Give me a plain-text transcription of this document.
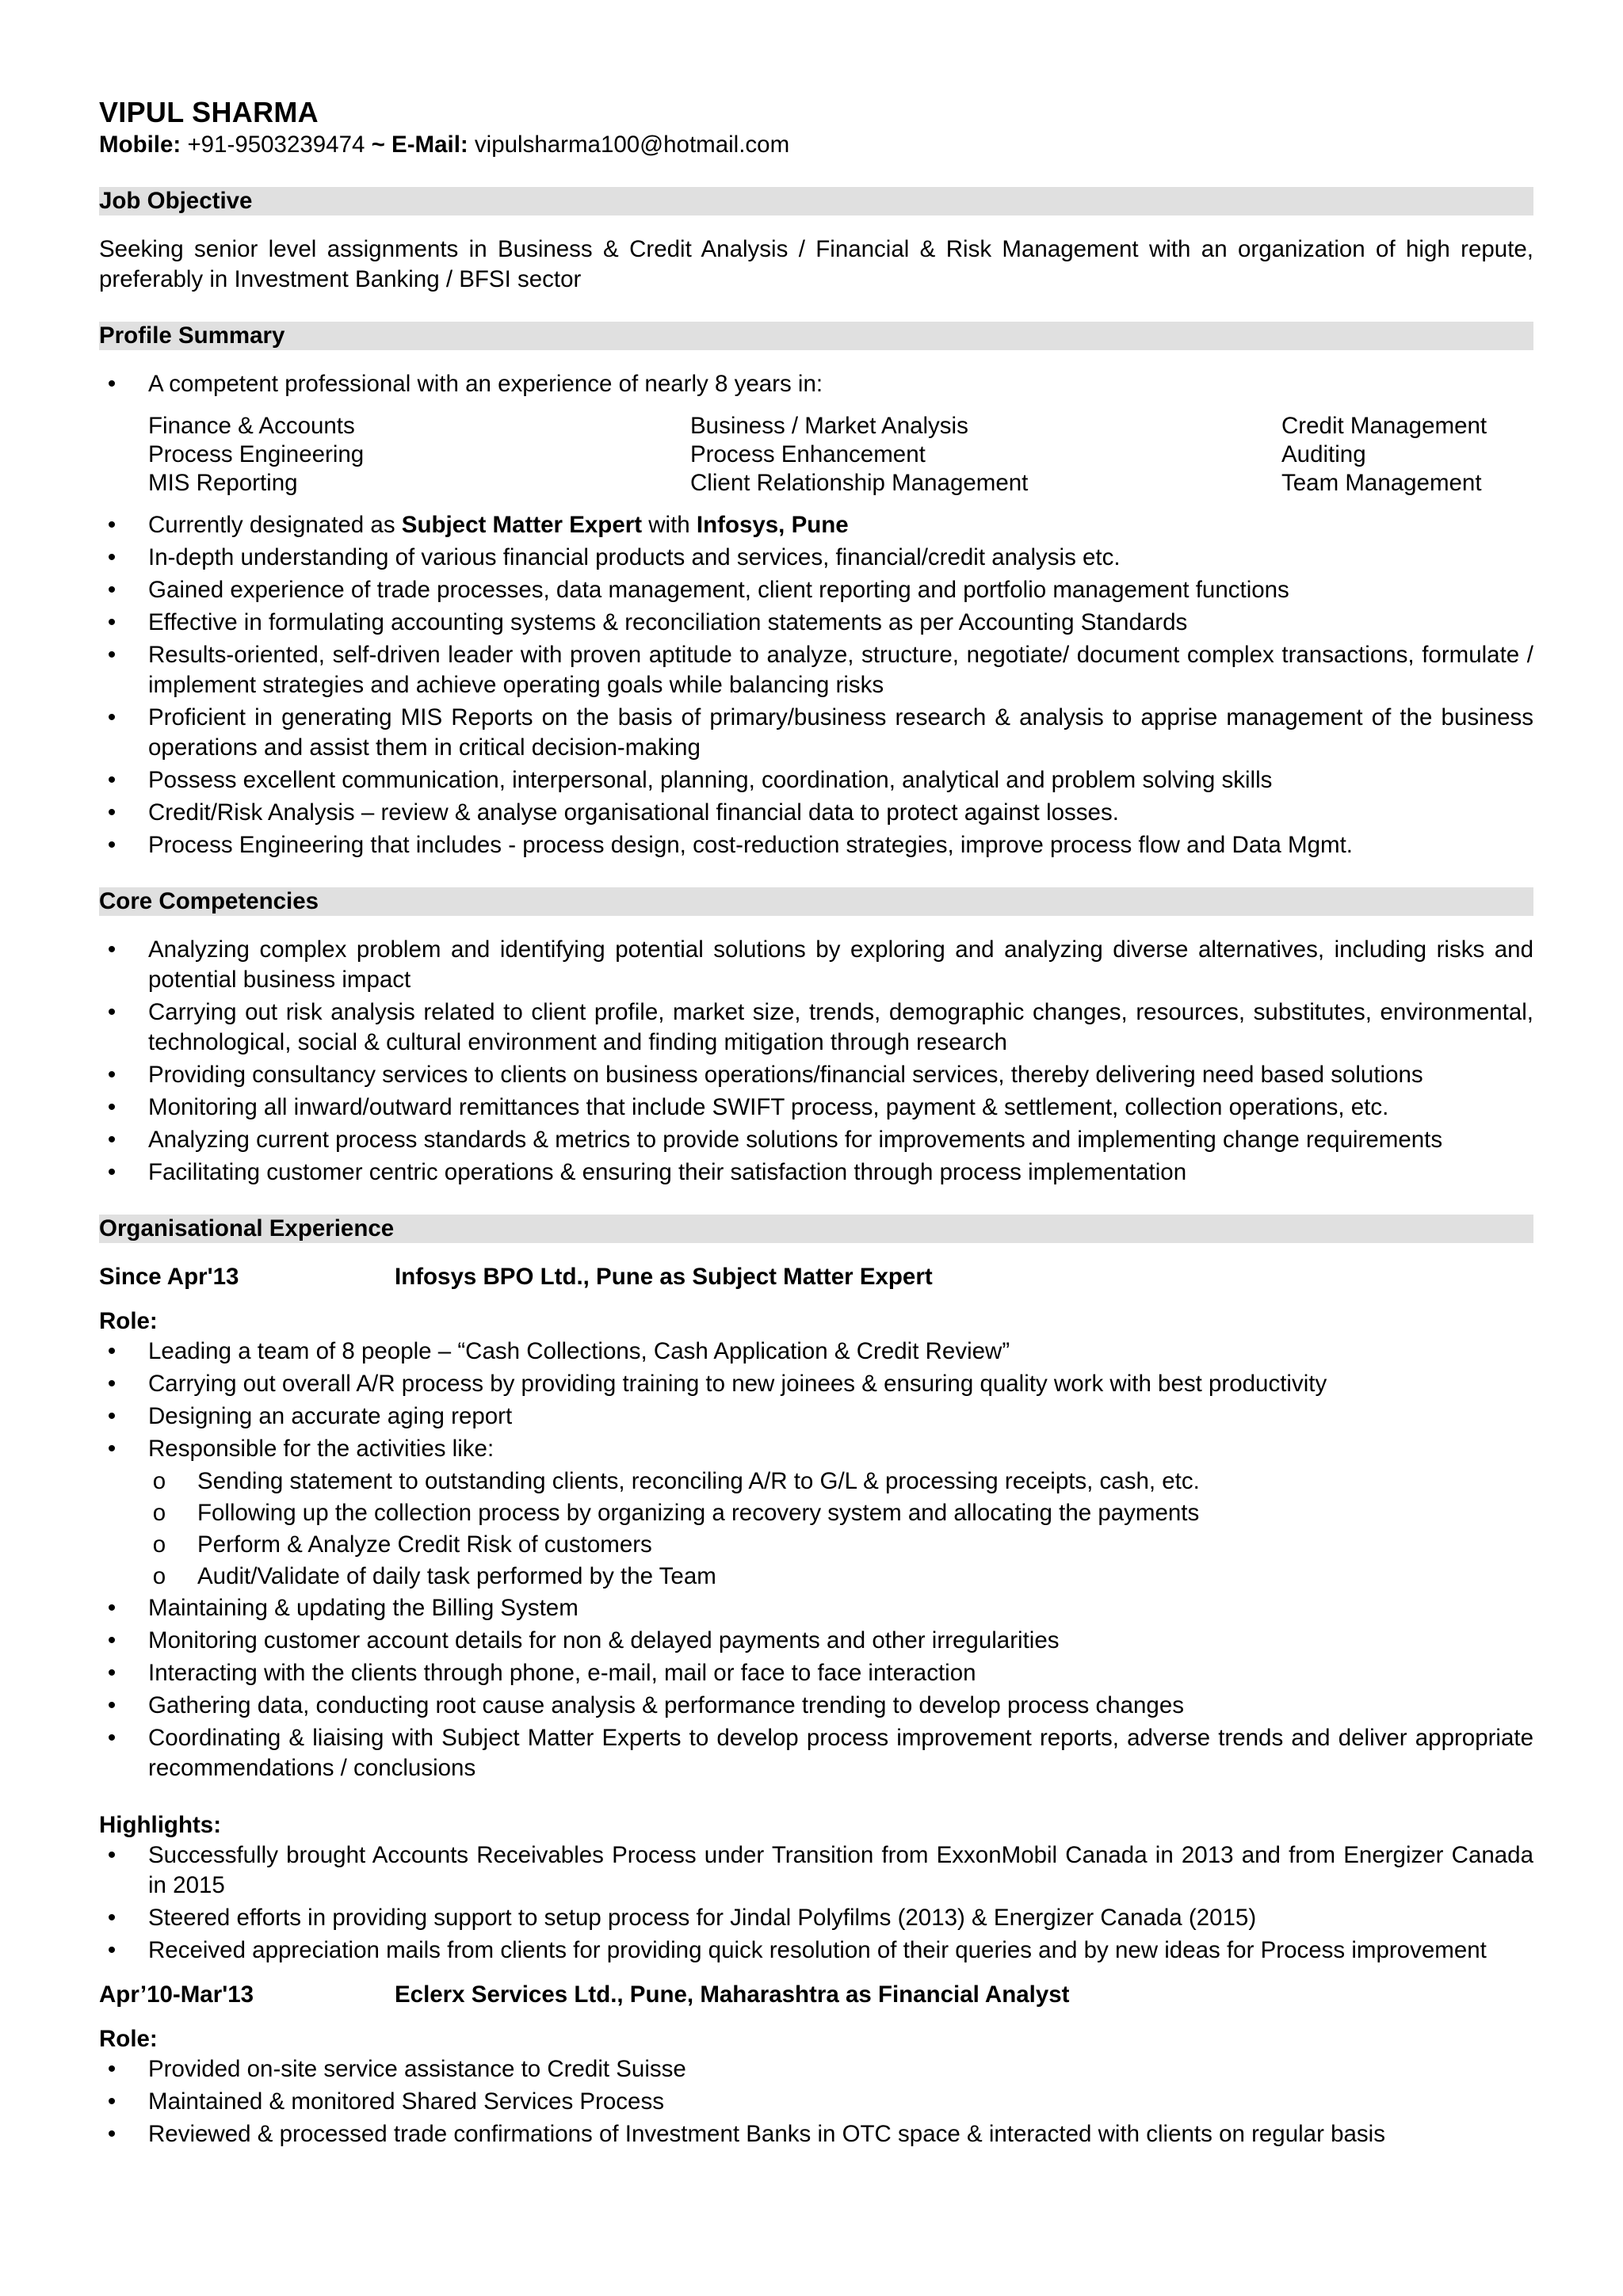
VIPUL SHARMA
Mobile: +91-9503239474 ~ E-Mail: vipulsharma100@hotmail.com
Job Objective
Seeking senior level assignments in Business & Credit Analysis / Financial & Risk Management with an organization of high repute, preferably in Investment Banking / BFSI sector
Profile Summary
• A competent professional with an experience of nearly 8 years in:
Finance & Accounts	Business / Market Analysis	Credit Management
Process Engineering	Process Enhancement	Auditing
MIS Reporting	Client Relationship Management	Team Management
• Currently designated as Subject Matter Expert with Infosys, Pune
• In-depth understanding of various financial products and services, financial/credit analysis etc.
• Gained experience of trade processes, data management, client reporting and portfolio management functions
• Effective in formulating accounting systems & reconciliation statements as per Accounting Standards
• Results-oriented, self-driven leader with proven aptitude to analyze, structure, negotiate/ document complex transactions, formulate / implement strategies and achieve operating goals while balancing risks
• Proficient in generating MIS Reports on the basis of primary/business research & analysis to apprise management of the business operations and assist them in critical decision-making
• Possess excellent communication, interpersonal, planning, coordination, analytical and problem solving skills
• Credit/Risk Analysis – review & analyse organisational financial data to protect against losses.
• Process Engineering that includes - process design, cost-reduction strategies, improve process flow and Data Mgmt.
Core Competencies
• Analyzing complex problem and identifying potential solutions by exploring and analyzing diverse alternatives, including risks and potential business impact
• Carrying out risk analysis related to client profile, market size, trends, demographic changes, resources, substitutes, environmental, technological, social & cultural environment and finding mitigation through research
• Providing consultancy services to clients on business operations/financial services, thereby delivering need based solutions
• Monitoring all inward/outward remittances that include SWIFT process, payment & settlement, collection operations, etc.
• Analyzing current process standards & metrics to provide solutions for improvements and implementing change requirements
• Facilitating customer centric operations & ensuring their satisfaction through process implementation
Organisational Experience
Since Apr'13	Infosys BPO Ltd., Pune as Subject Matter Expert
Role:
• Leading a team of 8 people – “Cash Collections, Cash Application & Credit Review”
• Carrying out overall A/R process by providing training to new joinees & ensuring quality work with best productivity
• Designing an accurate aging report
• Responsible for the activities like:
o Sending statement to outstanding clients, reconciling A/R to G/L & processing receipts, cash, etc.
o Following up the collection process by organizing a recovery system and allocating the payments
o Perform & Analyze Credit Risk of customers
o Audit/Validate of daily task performed by the Team
• Maintaining & updating the Billing System
• Monitoring customer account details for non & delayed payments and other irregularities
• Interacting with the clients through phone, e-mail, mail or face to face interaction
• Gathering data, conducting root cause analysis & performance trending to develop process changes
• Coordinating & liaising with Subject Matter Experts to develop process improvement reports, adverse trends and deliver appropriate recommendations / conclusions
Highlights:
• Successfully brought Accounts Receivables Process under Transition from ExxonMobil Canada in 2013 and from Energizer Canada in 2015
• Steered efforts in providing support to setup process for Jindal Polyfilms (2013) & Energizer Canada (2015)
• Received appreciation mails from clients for providing quick resolution of their queries and by new ideas for Process improvement
Apr’10-Mar'13	Eclerx Services Ltd., Pune, Maharashtra as Financial Analyst
Role:
• Provided on-site service assistance to Credit Suisse
• Maintained & monitored Shared Services Process
• Reviewed & processed trade confirmations of Investment Banks in OTC space & interacted with clients on regular basis
